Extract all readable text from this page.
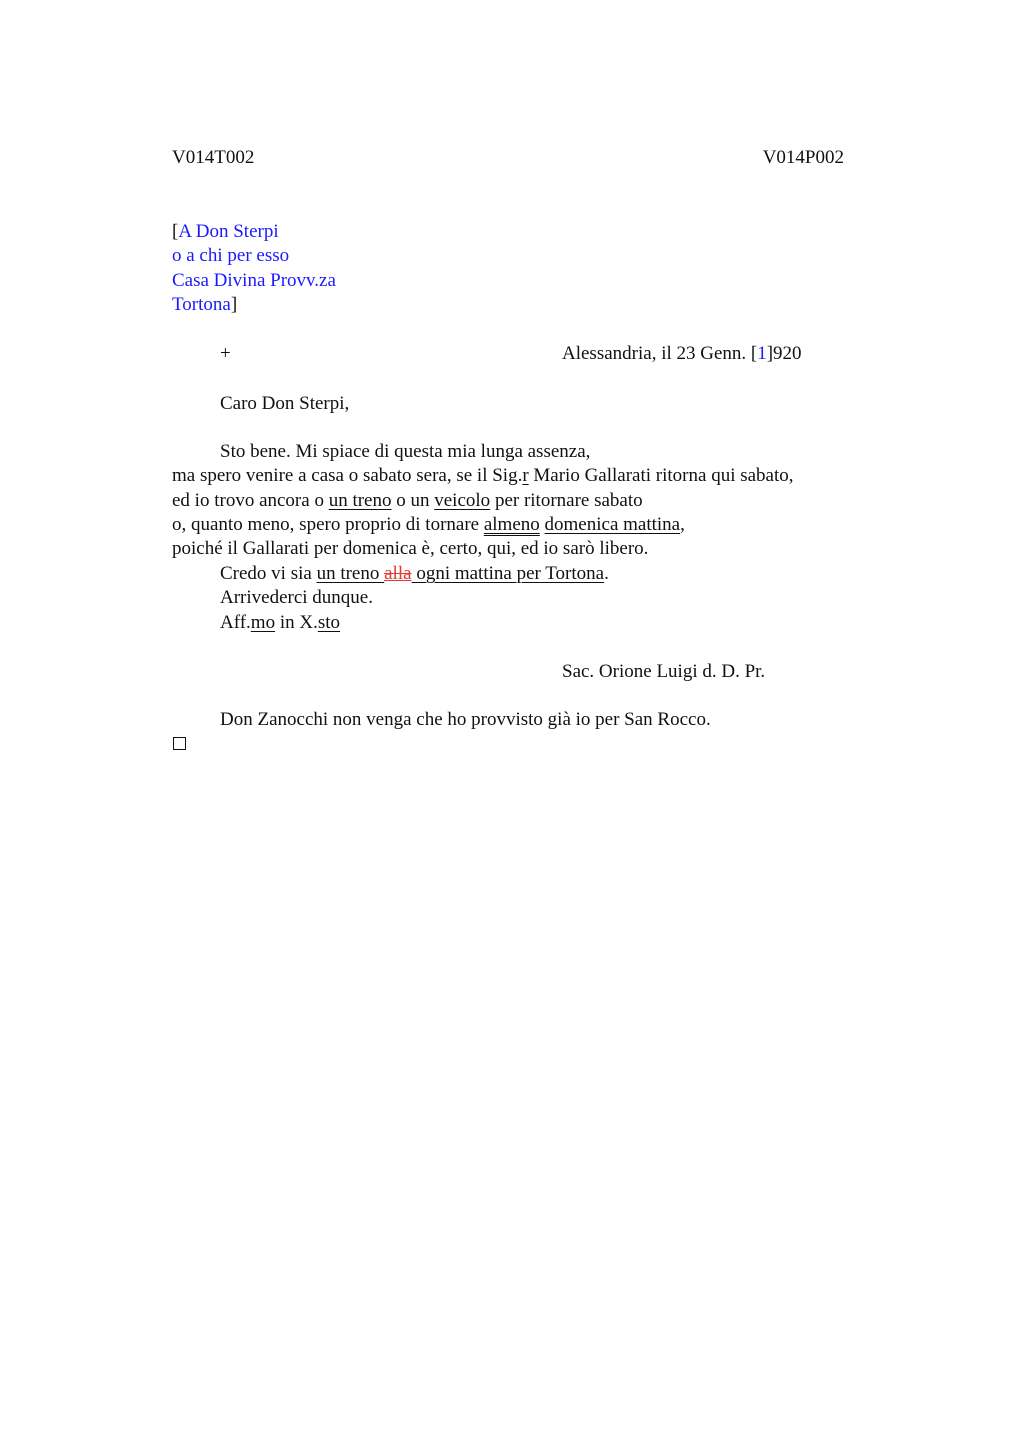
V014T002	V014P002
[A Don Sterpi
o a chi per esso
Casa Divina Provv.za
Tortona]
+	Alessandria, il 23 Genn. [1]920
Caro Don Sterpi,
Sto bene. Mi spiace di questa mia lunga assenza,
ma spero venire a casa o sabato sera, se il Sig.r Mario Gallarati ritorna qui sabato,
ed io trovo ancora o un treno o un veicolo per ritornare sabato
o, quanto meno, spero proprio di tornare almeno domenica mattina,
poiché il Gallarati per domenica è, certo, qui, ed io sarò libero.
Credo vi sia un treno alla ogni mattina per Tortona.
Arrivederci dunque.
Aff.mo in X.sto
Sac. Orione Luigi d. D. Pr.
Don Zanocchi non venga che ho provvisto già io per San Rocco.
